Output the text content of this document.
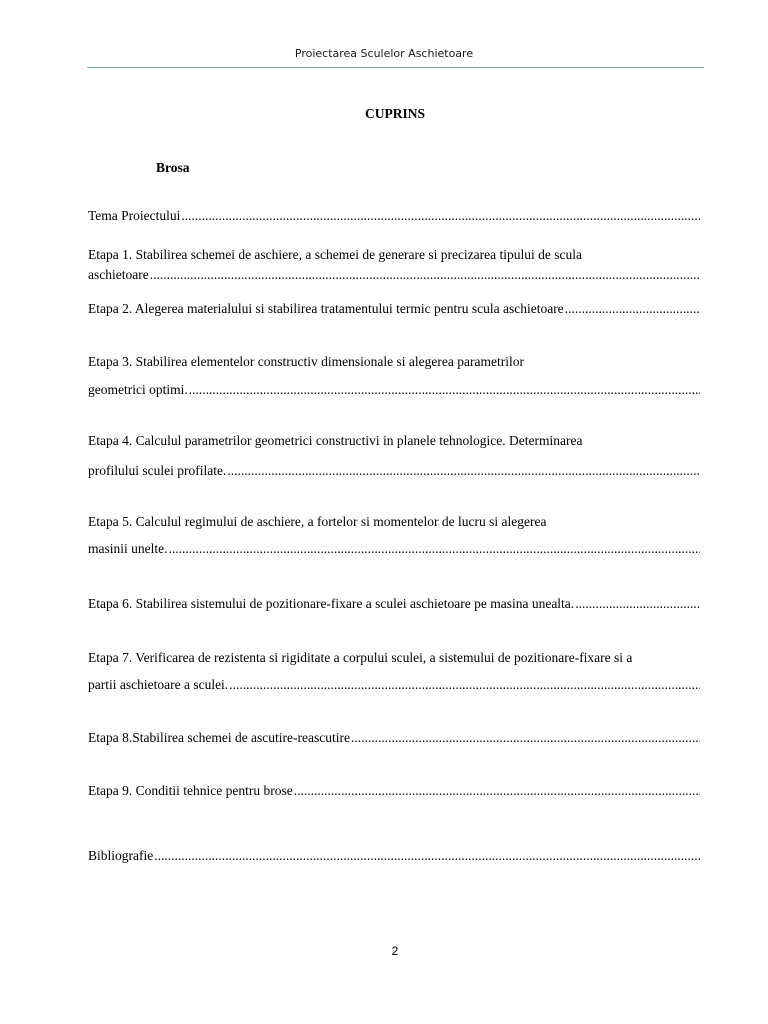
Proiectarea Sculelor Aschietoare
CUPRINS
Brosa
Tema Proiectului
.....
Etapa 1. Stabilirea schemei de aschiere, a schemei de generare si precizarea tipului de scula
aschietoare
.....
Etapa 2. Alegerea materialului si stabilirea tratamentului termic pentru scula aschietoare
.....
Etapa 3. Stabilirea elementelor constructiv dimensionale si alegerea parametrilor
geometrici optimi.
.....
Etapa 4. Calculul parametrilor geometrici constructivi in planele tehnologice. Determinarea
profilului sculei profilate.
.....
Etapa 5. Calculul regimului de aschiere, a fortelor si momentelor de lucru si alegerea
masinii unelte.
.....
Etapa 6. Stabilirea sistemului de pozitionare-fixare a sculei aschietoare pe masina unealta.
.....
Etapa 7. Verificarea de rezistenta si rigiditate a corpului sculei, a sistemului de pozitionare-fixare si a
partii aschietoare a sculei.
.....
Etapa 8.Stabilirea schemei de ascutire-reascutire
.....
Etapa 9. Conditii tehnice pentru brose
.....
Bibliografie
.....
2
